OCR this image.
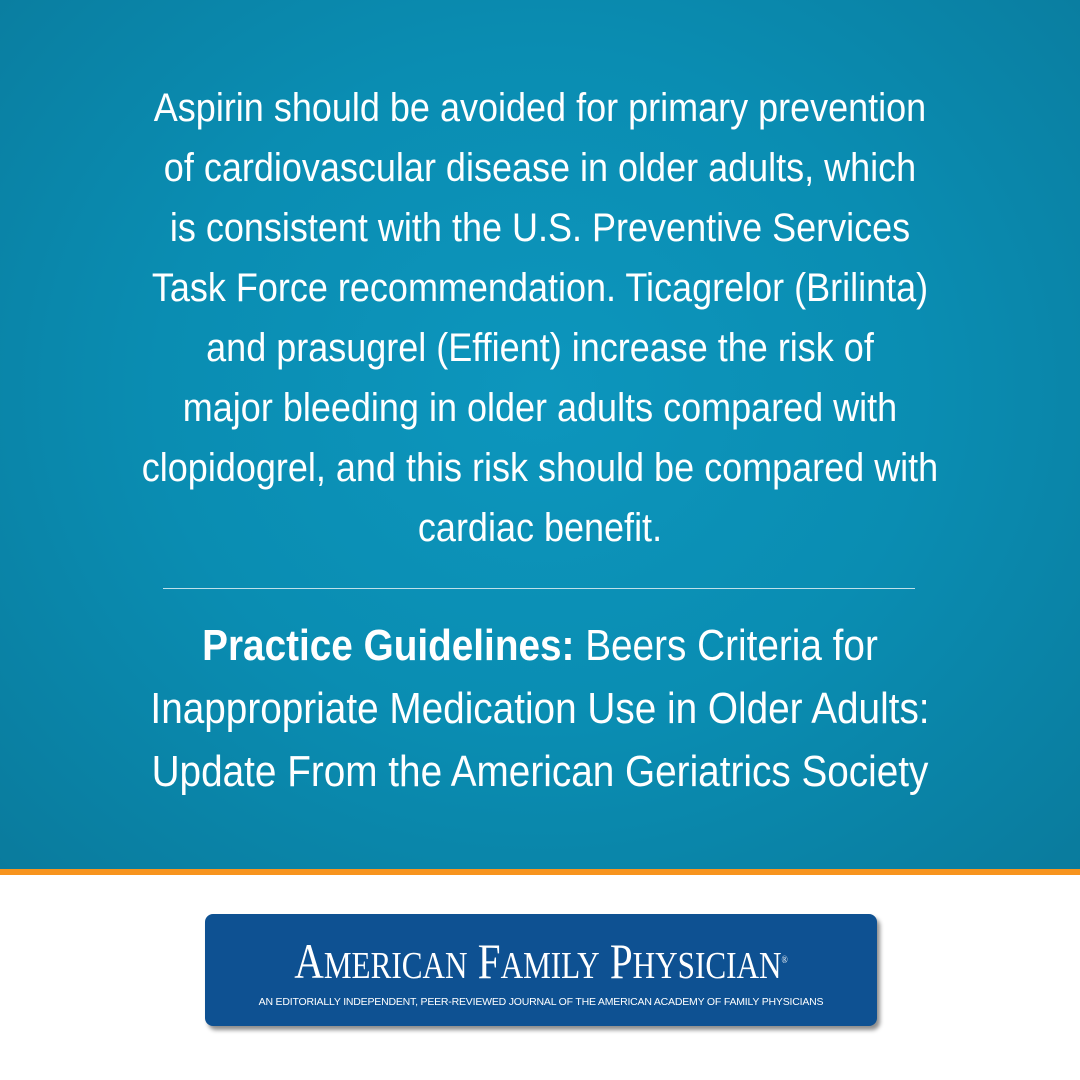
Aspirin should be avoided for primary prevention
of cardiovascular disease in older adults, which
is consistent with the U.S. Preventive Services
Task Force recommendation. Ticagrelor (Brilinta)
and prasugrel (Effient) increase the risk of
major bleeding in older adults compared with
clopidogrel, and this risk should be compared with
cardiac benefit.
Practice Guidelines: Beers Criteria for
Inappropriate Medication Use in Older Adults:
Update From the American Geriatrics Society
AMERICAN FAMILY PHYSICIAN®
AN EDITORIALLY INDEPENDENT, PEER-REVIEWED JOURNAL OF THE AMERICAN ACADEMY OF FAMILY PHYSICIANS
